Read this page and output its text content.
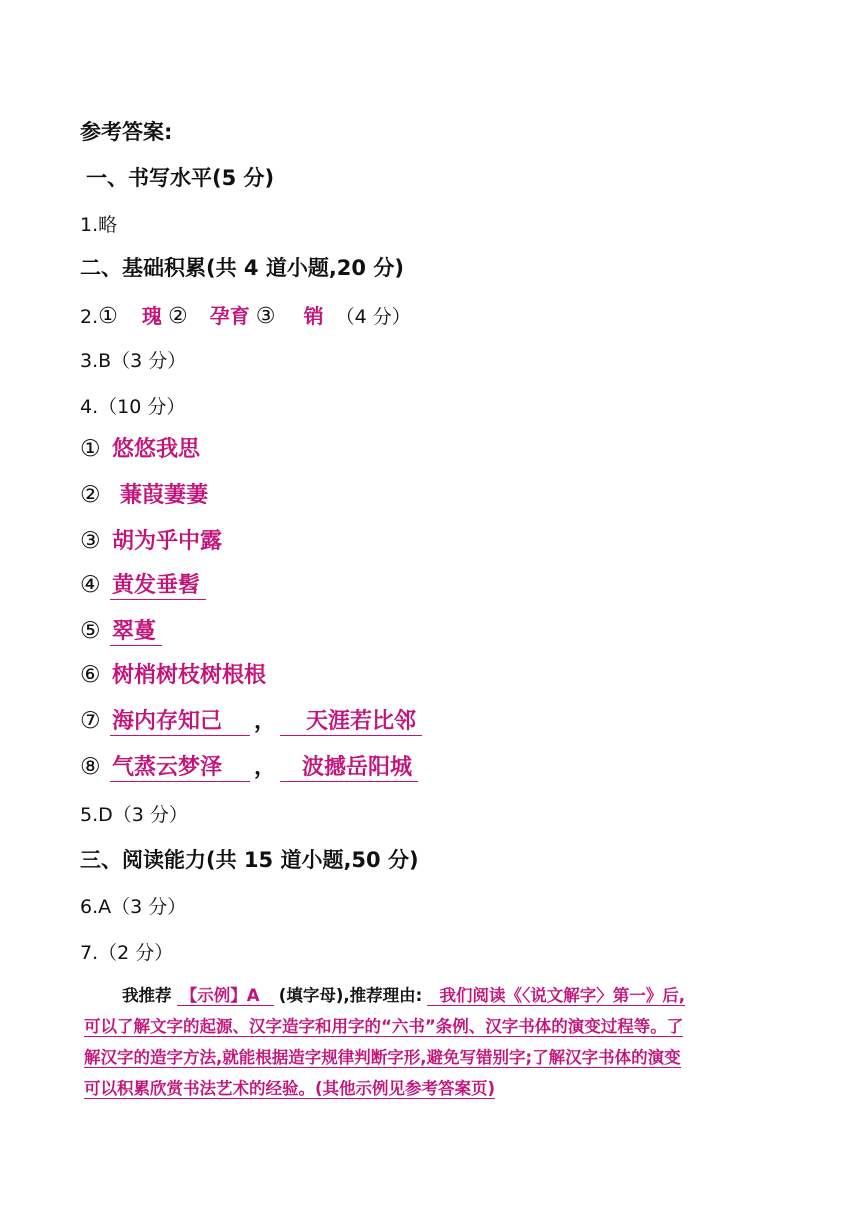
参考答案:
一、书写水平(5 分)
1.略
二、基础积累(共 4 道小题,20 分)
2.① 瑰 ② 孕育 ③ 销 （4 分）
3.B（3 分）
4.（10 分）
① 悠悠我思
② 蒹葭萋萋
③ 胡为乎中露
④ 黄发垂髫
⑤ 翠蔓
⑥ 树梢树枝树根根
⑦ 海内存知己 ， 天涯若比邻
⑧ 气蒸云梦泽 ， 波撼岳阳城
5.D（3 分）
三、阅读能力(共 15 道小题,50 分)
6.A（3 分）
7.（2 分）
我推荐 【示例】A (填字母),推荐理由: 我们阅读《〈说文解字〉第一》后,可以了解文字的起源、汉字造字和用字的“六书”条例、汉字书体的演变过程等。了解汉字的造字方法,就能根据造字规律判断字形,避免写错别字;了解汉字书体的演变可以积累欣赏书法艺术的经验。(其他示例见参考答案页)
